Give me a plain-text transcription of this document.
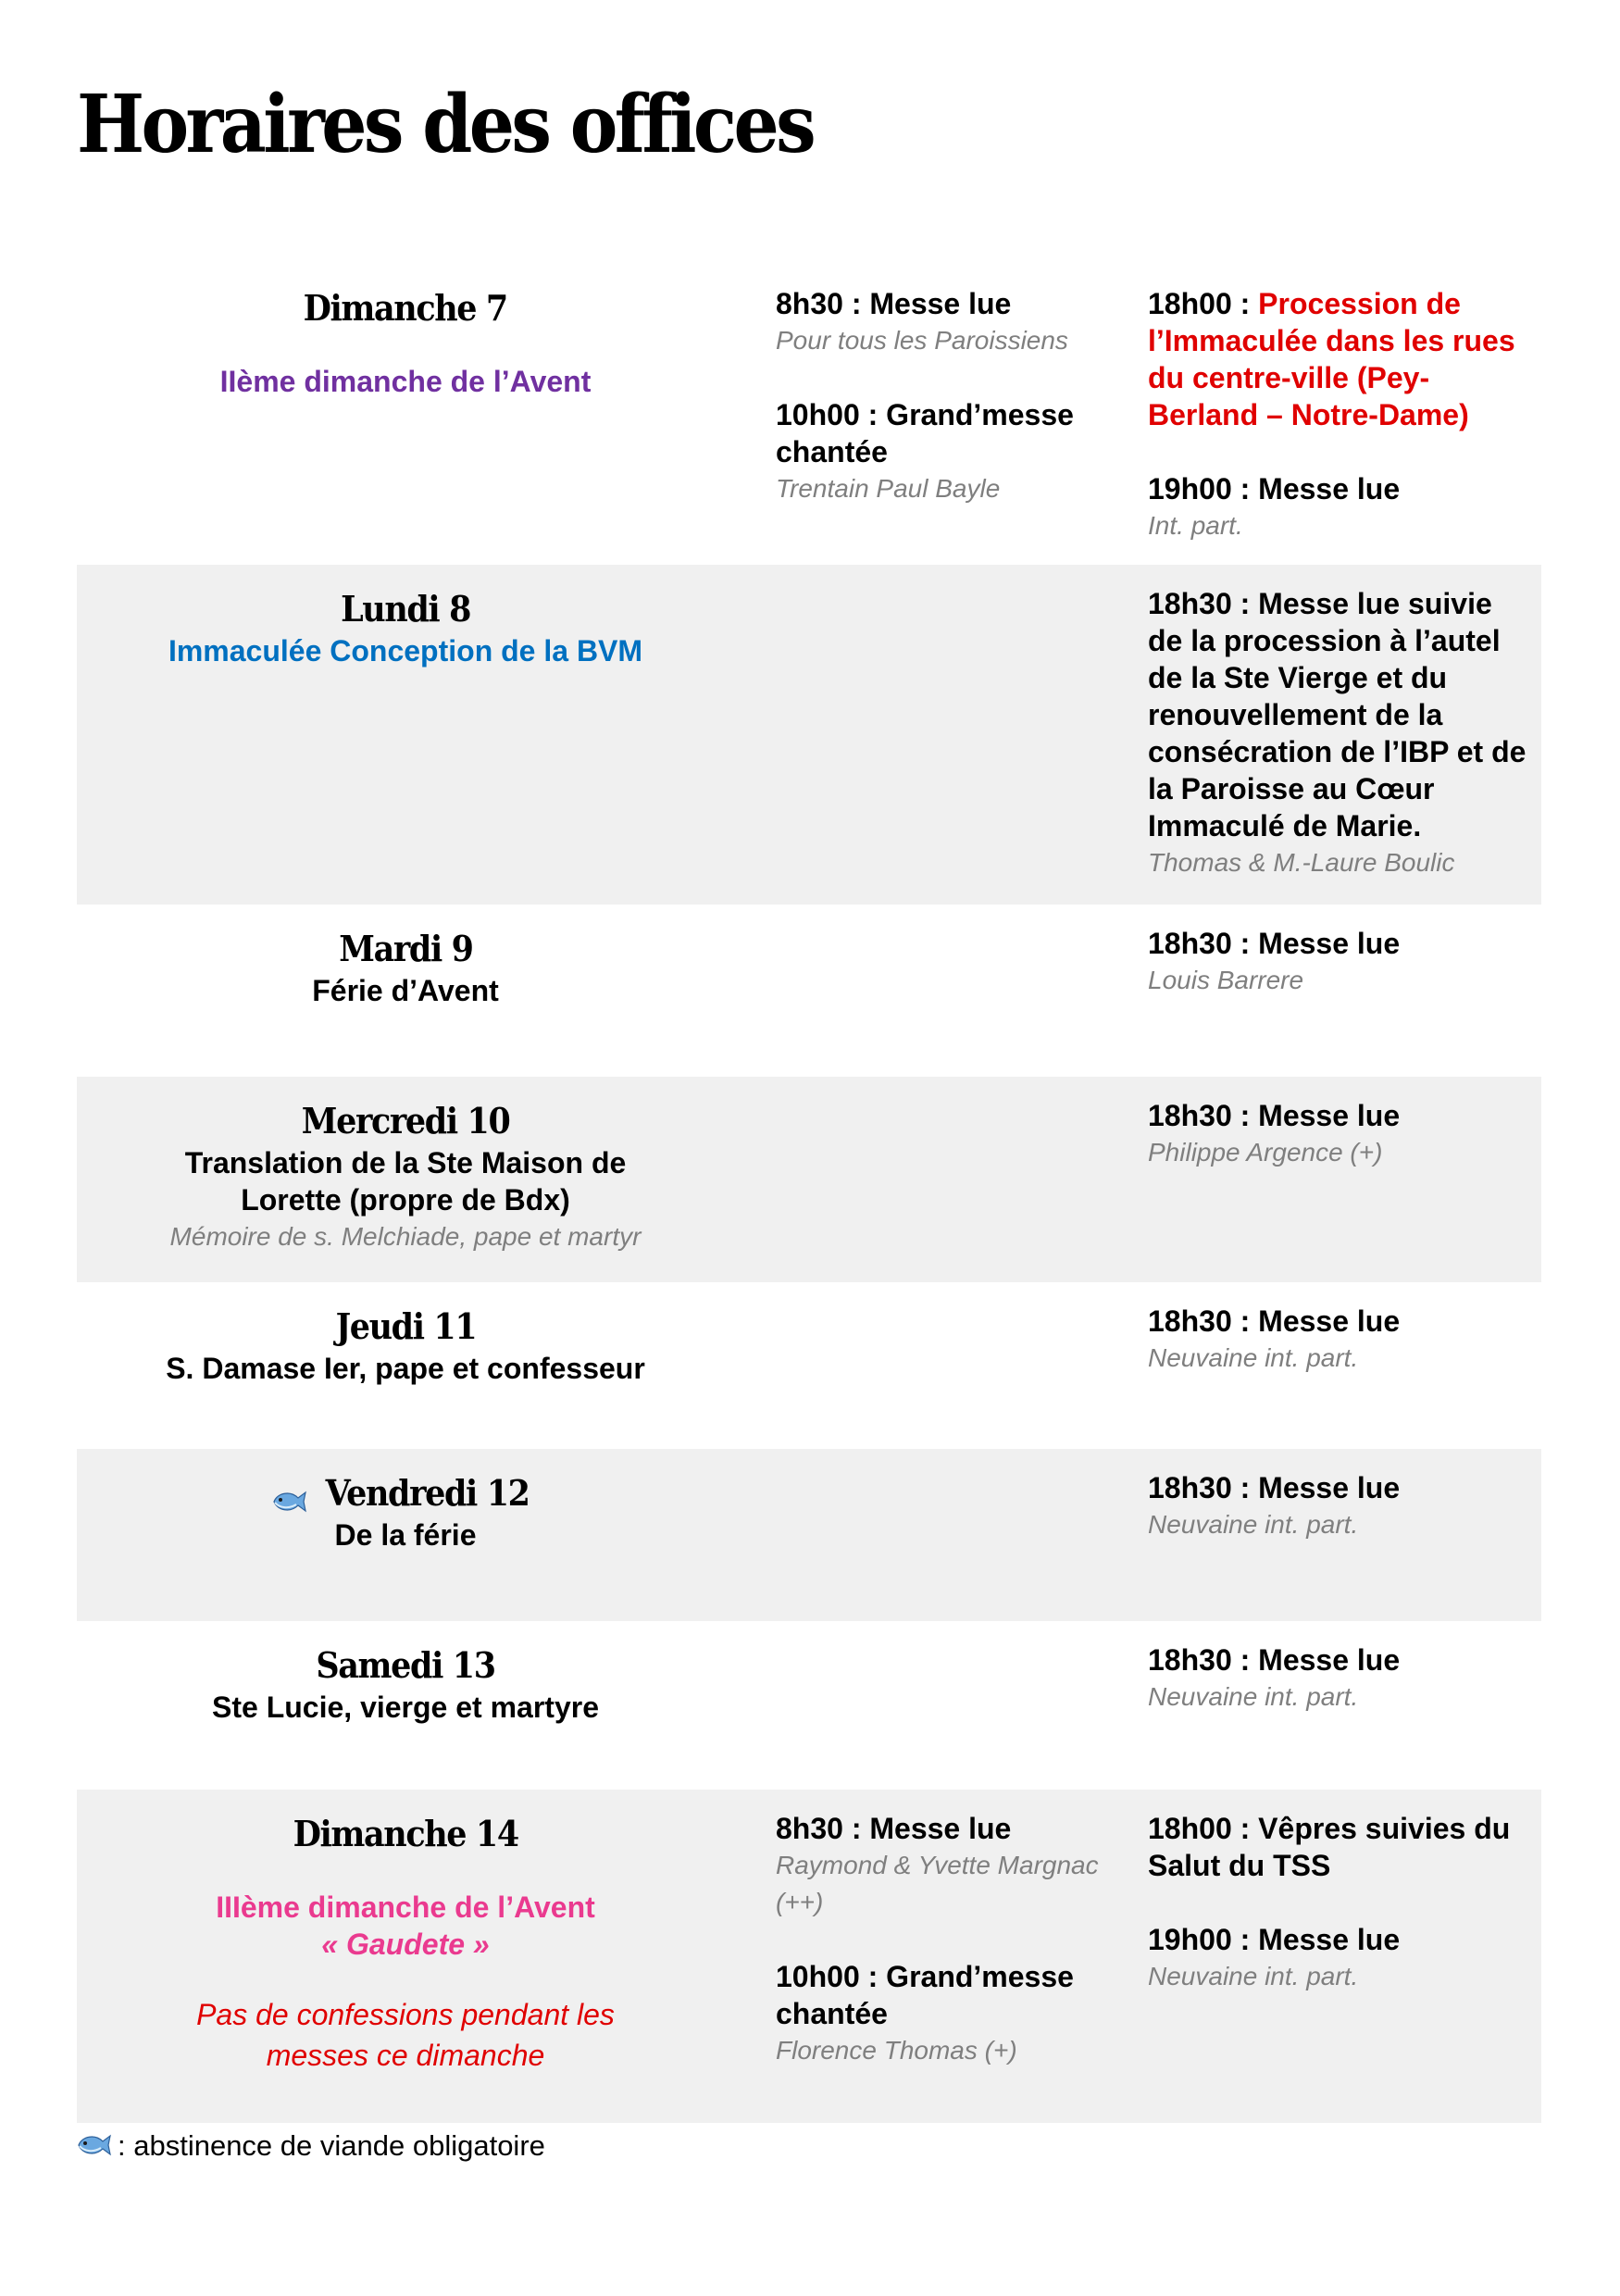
Horaires des offices
Dimanche 7
IIème dimanche de l’Avent
8h30 : Messe lue
Pour tous les Paroissiens
10h00 : Grand’messe chantée
Trentain Paul Bayle
18h00 : Procession de l’Immaculée dans les rues du centre-ville (Pey-Berland – Notre-Dame)
19h00 : Messe lue
Int. part.
Lundi 8
Immaculée Conception de la BVM
18h30 : Messe lue suivie de la procession à l’autel de la Ste Vierge et du renouvellement de la consécration de l’IBP et de la Paroisse au Cœur Immaculé de Marie.
Thomas & M.-Laure Boulic
Mardi 9
Férie d’Avent
18h30 : Messe lue
Louis Barrere
Mercredi 10
Translation de la Ste Maison de Lorette (propre de Bdx)
Mémoire de s. Melchiade, pape et martyr
18h30 : Messe lue
Philippe Argence (+)
Jeudi 11
S. Damase Ier, pape et confesseur
18h30 : Messe lue
Neuvaine int. part.
Vendredi 12
De la férie
18h30 : Messe lue
Neuvaine int. part.
Samedi 13
Ste Lucie, vierge et martyre
18h30 : Messe lue
Neuvaine int. part.
Dimanche 14
IIIème dimanche de l’Avent
« Gaudete »
Pas de confessions pendant les messes ce dimanche
8h30 : Messe lue
Raymond & Yvette Margnac (++)
10h00 : Grand’messe chantée
Florence Thomas (+)
18h00 : Vêpres suivies du Salut du TSS
19h00 : Messe lue
Neuvaine int. part.
: abstinence de viande obligatoire
